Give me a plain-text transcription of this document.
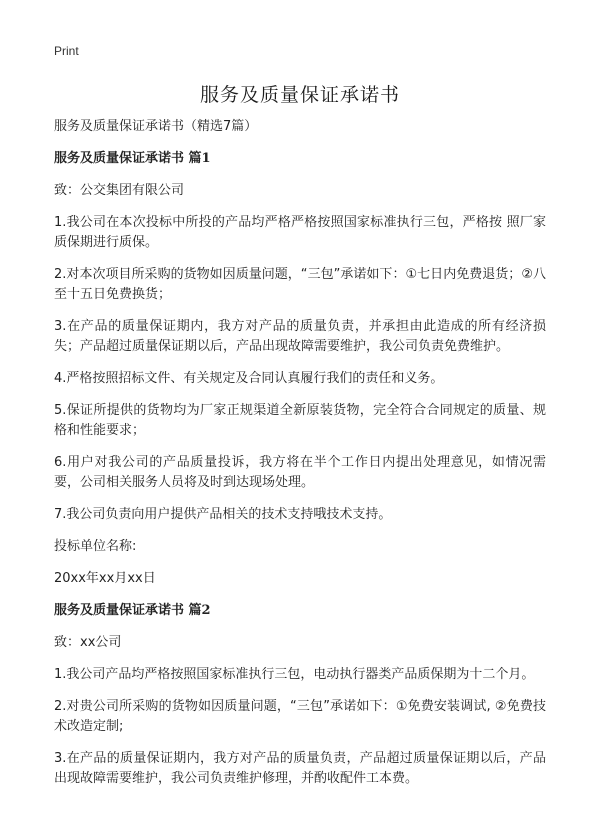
Print
服务及质量保证承诺书

服务及质量保证承诺书（精选7篇）

服务及质量保证承诺书 篇1

致：公交集团有限公司

1.我公司在本次投标中所投的产品均严格严格按照国家标准执行三包，严格按 照厂家质保期进行质保。

2.对本次项目所采购的货物如因质量问题，“三包”承诺如下：①七日内免费退货；②八至十五日免费换货；

3.在产品的质量保证期内，我方对产品的质量负责，并承担由此造成的所有经济损失；产品超过质量保证期以后，产品出现故障需要维护，我公司负责免费维护。

4.严格按照招标文件、有关规定及合同认真履行我们的责任和义务。

5.保证所提供的货物均为厂家正规渠道全新原装货物，完全符合合同规定的质量、规格和性能要求；

6.用户对我公司的产品质量投诉，我方将在半个工作日内提出处理意见，如情况需要，公司相关服务人员将及时到达现场处理。

7.我公司负责向用户提供产品相关的技术支持哦技术支持。

投标单位名称:

20xx年xx月xx日

服务及质量保证承诺书 篇2

致：xx公司

1.我公司产品均严格按照国家标准执行三包，电动执行器类产品质保期为十二个月。

2.对贵公司所采购的货物如因质量问题，“三包”承诺如下：①免费安装调试, ②免费技术改造定制;

3.在产品的质量保证期内，我方对产品的质量负责，产品超过质量保证期以后，产品出现故障需要维护，我公司负责维护修理，并酌收配件工本费。
